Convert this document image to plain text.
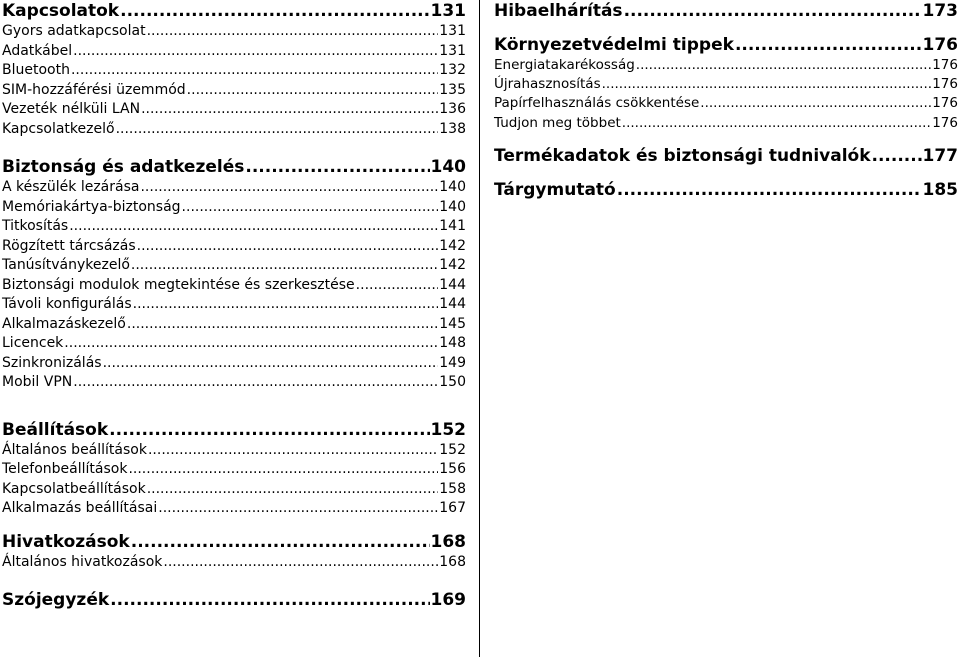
Kapcsolatok .....	131
Gyors adatkapcsolat .....	131
Adatkábel .....	131
Bluetooth .....	132
SIM-hozzáférési üzemmód .....	135
Vezeték nélküli LAN .....	136
Kapcsolatkezelő .....	138
Biztonság és adatkezelés .....	140
A készülék lezárása .....	140
Memóriakártya-biztonság .....	140
Titkosítás .....	141
Rögzített tárcsázás .....	142
Tanúsítványkezelő .....	142
Biztonsági modulok megtekintése és szerkesztése .....	144
Távoli konfigurálás .....	144
Alkalmazáskezelő .....	145
Licencek .....	148
Szinkronizálás .....	149
Mobil VPN .....	150
Beállítások .....	152
Általános beállítások .....	152
Telefonbeállítások .....	156
Kapcsolatbeállítások .....	158
Alkalmazás beállításai .....	167
Hivatkozások .....	168
Általános hivatkozások .....	168
Szójegyzék .....	169
Hibaelhárítás .....	173
Környezetvédelmi tippek .....	176
Energiatakarékosság .....	176
Újrahasznosítás .....	176
Papírfelhasználás csökkentése .....	176
Tudjon meg többet .....	176
Termékadatok és biztonsági tudnivalók .....	177
Tárgymutató .....	185
